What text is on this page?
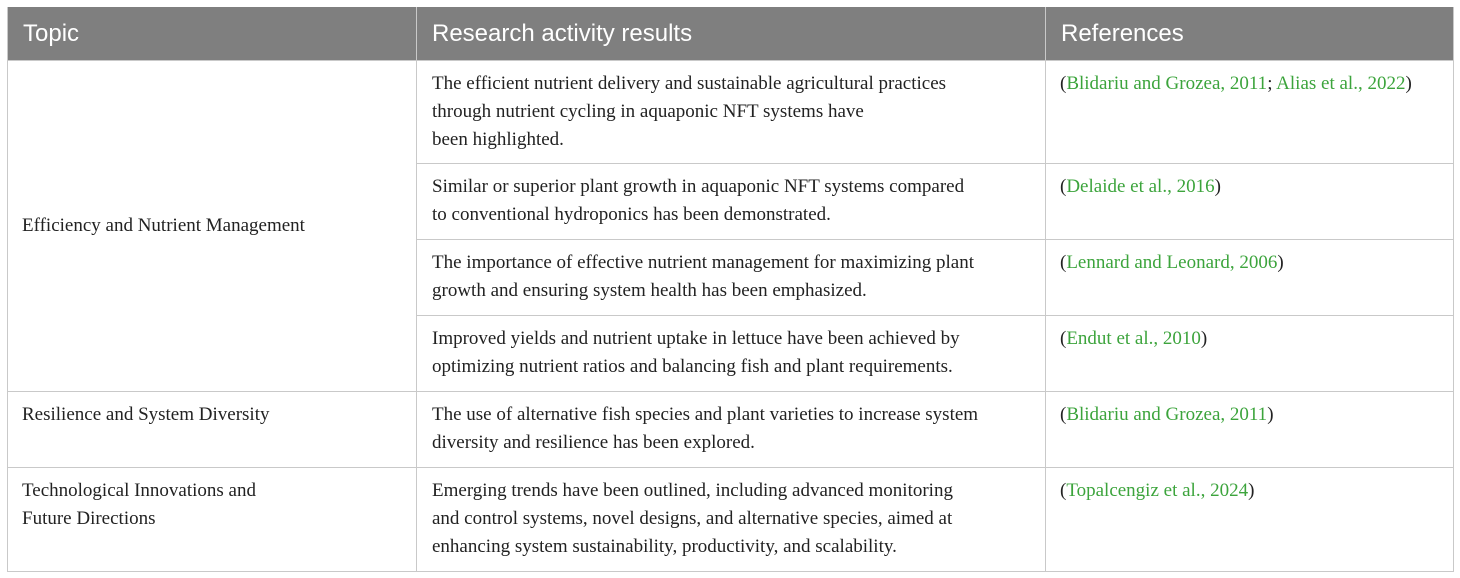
Topic	Research activity results	References
Efficiency and Nutrient Management	The efficient nutrient delivery and sustainable agricultural practices
through nutrient cycling in aquaponic NFT systems have
been highlighted.	(Blidariu and Grozea, 2011; Alias et al., 2022)
	Similar or superior plant growth in aquaponic NFT systems compared
to conventional hydroponics has been demonstrated.	(Delaide et al., 2016)
	The importance of effective nutrient management for maximizing plant
growth and ensuring system health has been emphasized.	(Lennard and Leonard, 2006)
	Improved yields and nutrient uptake in lettuce have been achieved by
optimizing nutrient ratios and balancing fish and plant requirements.	(Endut et al., 2010)
Resilience and System Diversity	The use of alternative fish species and plant varieties to increase system
diversity and resilience has been explored.	(Blidariu and Grozea, 2011)
Technological Innovations and
Future Directions	Emerging trends have been outlined, including advanced monitoring
and control systems, novel designs, and alternative species, aimed at
enhancing system sustainability, productivity, and scalability.	(Topalcengiz et al., 2024)
